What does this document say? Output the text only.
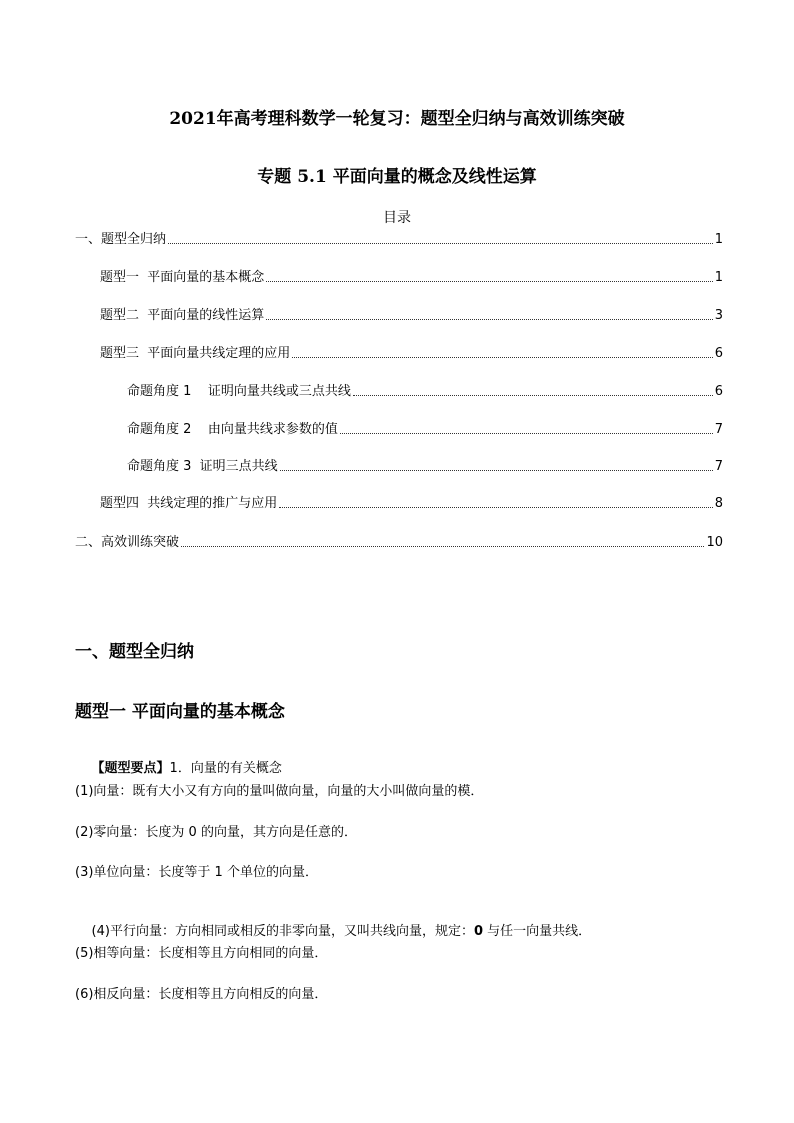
2021年高考理科数学一轮复习：题型全归纳与高效训练突破
专题 5.1 平面向量的概念及线性运算
目录
一、题型全归纳	1
题型一  平面向量的基本概念	1
题型二  平面向量的线性运算	3
题型三  平面向量共线定理的应用	6
命题角度 1    证明向量共线或三点共线	6
命题角度 2    由向量共线求参数的值	7
命题角度 3  证明三点共线	7
题型四  共线定理的推广与应用	8
二、高效训练突破	10
一、题型全归纳
题型一 平面向量的基本概念

【题型要点】1．向量的有关概念

(1)向量：既有大小又有方向的量叫做向量，向量的大小叫做向量的模．
(2)零向量：长度为 0 的向量，其方向是任意的．
(3)单位向量：长度等于 1 个单位的向量．

(4)平行向量：方向相同或相反的非零向量，又叫共线向量，规定：0 与任一向量共线．

(5)相等向量：长度相等且方向相同的向量．
(6)相反向量：长度相等且方向相反的向量．
